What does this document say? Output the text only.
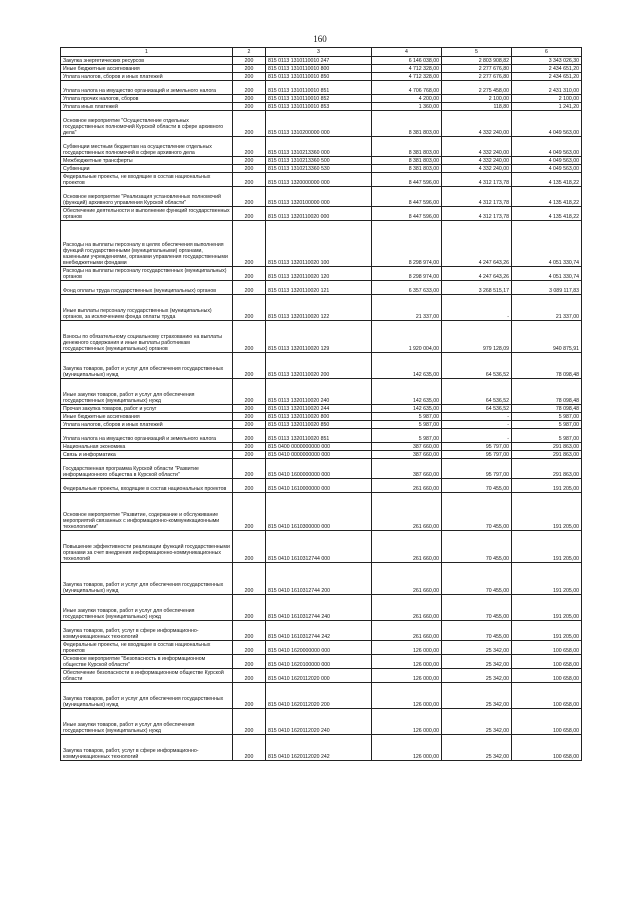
160
1	2	3	4	5	6
Закупка энергетических ресурсов	200	815 0113 1310110010 247	6 146 038,00	2 803 908,82	3 343 026,30
Иные бюджетные ассигнования	200	815 0113 1310110010 800	4 712 328,00	2 277 676,80	2 434 651,20
Уплата налогов, сборов и иных платежей	200	815 0113 1310110010 850	4 712 328,00	2 277 676,80	2 434 651,20
Уплата налога на имущество организаций и земельного налога	200	815 0113 1310110010 851	4 706 768,00	2 275 458,00	2 431 310,00
Уплата прочих налогов, сборов	200	815 0113 1310110010 852	4 200,00	2 100,00	2 100,00
Уплата иных платежей	200	815 0113 1310110010 853	1 360,00	118,80	1 241,20
Основное мероприятие "Осуществление отдельных государственных полномочий Курской области в сфере архивного дела"	200	815 0113 1310200000 000	8 381 803,00	4 332 240,00	4 049 563,00
Субвенции местным бюджетам на осуществление отдельных государственных полномочий в сфере архивного дела	200	815 0113 1310213360 000	8 381 803,00	4 332 240,00	4 049 563,00
Межбюджетные трансферты	200	815 0113 1310213360 500	8 381 803,00	4 332 240,00	4 049 563,00
Субвенции	200	815 0113 1310213360 530	8 381 803,00	4 332 240,00	4 049 563,00
Федеральные проекты, не входящие в состав национальных проектов	200	815 0113 1320000000 000	8 447 596,00	4 312 173,78	4 135 418,22
Основное мероприятие "Реализация установленных полномочий (функций) архивного управления Курской области"	200	815 0113 1320100000 000	8 447 596,00	4 312 173,78	4 135 418,22
Обеспечение деятельности и выполнение функций государственных органов	200	815 0113 1320110020 000	8 447 596,00	4 312 173,78	4 135 418,22
Расходы на выплаты персоналу в целях обеспечения выполнения функций государственными (муниципальными) органами, казенными учреждениями, органами управления государственными внебюджетными фондами	200	815 0113 1320110020 100	8 298 974,00	4 247 643,26	4 051 330,74
Расходы на выплаты персоналу государственных (муниципальных) органов	200	815 0113 1320110020 120	8 298 974,00	4 247 643,26	4 051 330,74
Фонд оплаты труда государственных (муниципальных) органов	200	815 0113 1320110020 121	6 357 633,00	3 268 515,17	3 089 117,83
Иные выплаты персоналу государственных (муниципальных) органов, за исключением фонда оплаты труда	200	815 0113 1320110020 122	21 337,00	-	21 337,00
Взносы по обязательному социальному страхованию на выплаты денежного содержания и иные выплаты работникам государственных (муниципальных) органов	200	815 0113 1320110020 129	1 920 004,00	979 128,09	940 875,91
Закупка товаров, работ и услуг для обеспечения государственных (муниципальных) нужд	200	815 0113 1320110020 200	142 635,00	64 536,52	78 098,48
Иные закупки товаров, работ и услуг для обеспечения государственных (муниципальных) нужд	200	815 0113 1320110020 240	142 635,00	64 536,52	78 098,48
Прочая закупка товаров, работ и услуг	200	815 0113 1320110020 244	142 635,00	64 536,52	78 098,48
Иные бюджетные ассигнования	200	815 0113 1320110020 800	5 987,00	-	5 987,00
Уплата налогов, сборов и иных платежей	200	815 0113 1320110020 850	5 987,00	-	5 987,00
Уплата налога на имущество организаций и земельного налога	200	815 0113 1320110020 851	5 987,00	-	5 987,00
Национальная экономика	200	815 0400 0000000000 000	387 660,00	95 797,00	291 863,00
Связь и информатика	200	815 0410 0000000000 000	387 660,00	95 797,00	291 863,00
Государственная программа Курской области "Развитие информационного общества в Курской области"	200	815 0410 1600000000 000	387 660,00	95 797,00	291 863,00
Федеральные проекты, входящие в состав национальных проектов	200	815 0410 1610000000 000	261 660,00	70 455,00	191 205,00
Основное мероприятие "Развитие, содержание и обслуживание мероприятий связанных с информационно-коммуникационными технологиями"	200	815 0410 1610300000 000	261 660,00	70 455,00	191 205,00
Повышение эффективности реализации функций государственными органами за счет внедрения информационно-коммуникационных технологий	200	815 0410 1610312744 000	261 660,00	70 455,00	191 205,00
Закупка товаров, работ и услуг для обеспечения государственных (муниципальных) нужд	200	815 0410 1610312744 200	261 660,00	70 455,00	191 205,00
Иные закупки товаров, работ и услуг для обеспечения государственных (муниципальных) нужд	200	815 0410 1610312744 240	261 660,00	70 455,00	191 205,00
Закупка товаров, работ, услуг в сфере информационно-коммуникационных технологий	200	815 0410 1610312744 242	261 660,00	70 455,00	191 205,00
Федеральные проекты, не входящие в состав национальных проектов	200	815 0410 1620000000 000	126 000,00	25 342,00	100 658,00
Основное мероприятие "Безопасность в информационном обществе Курской области"	200	815 0410 1620100000 000	126 000,00	25 342,00	100 658,00
Обеспечение безопасности в информационном обществе Курской области	200	815 0410 1620112020 000	126 000,00	25 342,00	100 658,00
Закупка товаров, работ и услуг для обеспечения государственных (муниципальных) нужд	200	815 0410 1620112020 200	126 000,00	25 342,00	100 658,00
Иные закупки товаров, работ и услуг для обеспечения государственных (муниципальных) нужд	200	815 0410 1620112020 240	126 000,00	25 342,00	100 658,00
Закупка товаров, работ, услуг в сфере информационно-коммуникационных технологий	200	815 0410 1620112020 242	126 000,00	25 342,00	100 658,00
